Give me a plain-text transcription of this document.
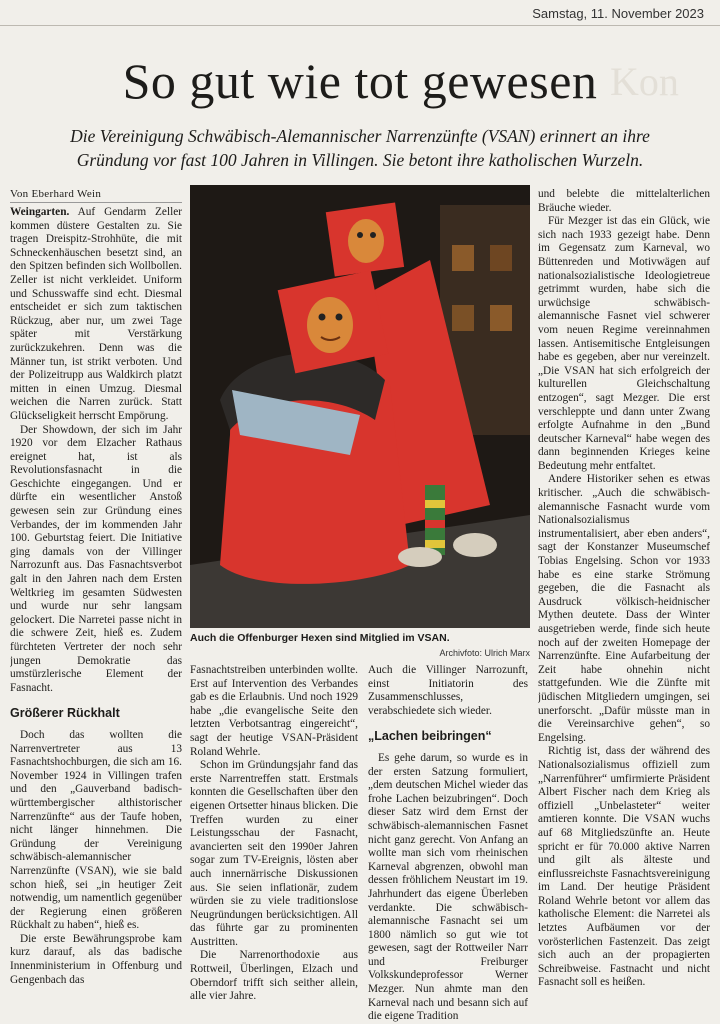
Samstag, 11. November 2023
Kon
So gut wie tot gewesen

Die Vereinigung Schwäbisch-Alemannischer Narrenzünfte (VSAN) erinnert an ihre Gründung vor fast 100 Jahren in Villingen. Sie betont ihre katholischen Wurzeln.

Von Eberhard Wein

Weingarten. Auf Gendarm Zeller kommen düstere Gestalten zu. Sie tragen Dreispitz-Strohhüte, die mit Schneckenhäuschen besetzt sind, an den Spitzen befinden sich Wollbollen. Zeller ist nicht verkleidet. Uniform und Schusswaffe sind echt. Diesmal entscheidet er sich zum taktischen Rückzug, aber nur, um zwei Tage später mit Verstärkung zurückzukehren. Denn was die Männer tun, ist strikt verboten. Und der Polizeitrupp aus Waldkirch platzt mitten in einen Umzug. Diesmal weichen die Narren zurück. Statt Glückseligkeit herrscht Empörung.

Der Showdown, der sich im Jahr 1920 vor dem Elzacher Rathaus ereignet hat, ist als Revolutionsfasnacht in die Geschichte eingegangen. Und er dürfte ein wesentlicher Anstoß gewesen sein zur Gründung eines Verbandes, der im kommenden Jahr 100. Geburtstag feiert. Die Initiative ging damals von der Villinger Narrozunft aus. Das Fasnachtsverbot galt in den Jahren nach dem Ersten Weltkrieg im gesamten Südwesten und wurde nur sehr langsam gelockert. Die Narretei passe nicht in die schwere Zeit, hieß es. Zudem fürchteten Vertreter der noch sehr jungen Demokratie das umstürzlerische Element der Fasnacht.

Größerer Rückhalt

Doch das wollten die Narrenvertreter aus 13 Fasnachtshochburgen, die sich am 16. November 1924 in Villingen trafen und den „Gauverband badisch-württembergischer althistorischer Narrenzünfte“ aus der Taufe hoben, nicht länger hinnehmen. Die Gründung der Vereinigung schwäbisch-alemannischer Narrenzünfte (VSAN), wie sie bald schon hieß, sei „in heutiger Zeit notwendig, um namentlich gegenüber der Regierung einen größeren Rückhalt zu haben“, hieß es.

Die erste Bewährungsprobe kam kurz darauf, als das badische Innenministerium in Offenburg und Gengenbach das

Auch die Offenburger Hexen sind Mitglied im VSAN.
Archivfoto: Ulrich Marx

Fasnachtstreiben unterbinden wollte. Erst auf Intervention des Verbandes gab es die Erlaubnis. Und noch 1929 habe „die evangelische Seite den letzten Verbotsantrag eingereicht“, sagt der heutige VSAN-Präsident Roland Wehrle.

Schon im Gründungsjahr fand das erste Narrentreffen statt. Erstmals konnten die Gesellschaften über den eigenen Ortsetter hinaus blicken. Die Treffen wurden zu einer Leistungsschau der Fasnacht, avancierten seit den 1990er Jahren sogar zum TV-Ereignis, lösten aber auch innernärrische Diskussionen aus. Sie seien inflationär, zudem würden sie zu viele traditionslose Neugründungen berücksichtigen. All das führte gar zu prominenten Austritten.

Die Narrenorthodoxie aus Rottweil, Überlingen, Elzach und Oberndorf trifft sich seither allein, alle vier Jahre.

Auch die Villinger Narrozunft, einst Initiatorin des Zusammenschlusses, verabschiedete sich wieder.

„Lachen beibringen“

Es gehe darum, so wurde es in der ersten Satzung formuliert, „dem deutschen Michel wieder das frohe Lachen beizubringen“. Doch dieser Satz wird dem Ernst der schwäbisch-alemannischen Fasnet nicht ganz gerecht. Von Anfang an wollte man sich vom rheinischen Karneval abgrenzen, obwohl man dessen fröhlichem Neustart im 19. Jahrhundert das eigene Überleben verdankte. Die schwäbisch-alemannische Fasnacht sei um 1800 nämlich so gut wie tot gewesen, sagt der Rottweiler Narr und Freiburger Volkskundeprofessor Werner Mezger. Nun ahmte man den Karneval nach und besann sich auf die eigene Tradition

und belebte die mittelalterlichen Bräuche wieder.

Für Mezger ist das ein Glück, wie sich nach 1933 gezeigt habe. Denn im Gegensatz zum Karneval, wo Büttenreden und Motivwägen auf nationalsozialistische Ideologietreue getrimmt wurden, habe sich die urwüchsige schwäbisch-alemannische Fasnet viel schwerer vom neuen Regime vereinnahmen lassen. Antisemitische Entgleisungen habe es gegeben, aber nur vereinzelt. „Die VSAN hat sich erfolgreich der kulturellen Gleichschaltung entzogen“, sagt Mezger. Die erst verschleppte und dann unter Zwang erfolgte Aufnahme in den „Bund deutscher Karneval“ habe wegen des dann beginnenden Krieges keine Bedeutung mehr entfaltet.

Andere Historiker sehen es etwas kritischer. „Auch die schwäbisch-alemannische Fasnacht wurde vom Nationalsozialismus instrumentalisiert, aber eben anders“, sagt der Konstanzer Museumschef Tobias Engelsing. Schon vor 1933 habe es eine starke Strömung gegeben, die die Fasnacht als Ausdruck völkisch-heidnischer Mythen deutete. Dass der Winter ausgetrieben werde, finde sich heute noch auf der zweiten Homepage der Narrenzünfte. Eine Aufarbeitung der Zeit habe ohnehin nicht stattgefunden. Wie die Zünfte mit jüdischen Mitgliedern umgingen, sei unerforscht. „Dafür müsste man in die Vereinsarchive gehen“, so Engelsing.

Richtig ist, dass der während des Nationalsozialismus offiziell zum „Narrenführer“ umfirmierte Präsident Albert Fischer nach dem Krieg als offiziell „Unbelasteter“ weiter amtieren konnte. Die VSAN wuchs auf 68 Mitgliedszünfte an. Heute spricht er für 70.000 aktive Narren und gilt als älteste und einflussreichste Fasnachtsvereinigung im Land. Der heutige Präsident Roland Wehrle betont vor allem das katholische Element: die Narretei als letztes Aufbäumen vor der vorösterlichen Fastenzeit. Das zeigt sich auch an der propagierten Schreibweise. Fastnacht und nicht Fasnacht soll es heißen.
